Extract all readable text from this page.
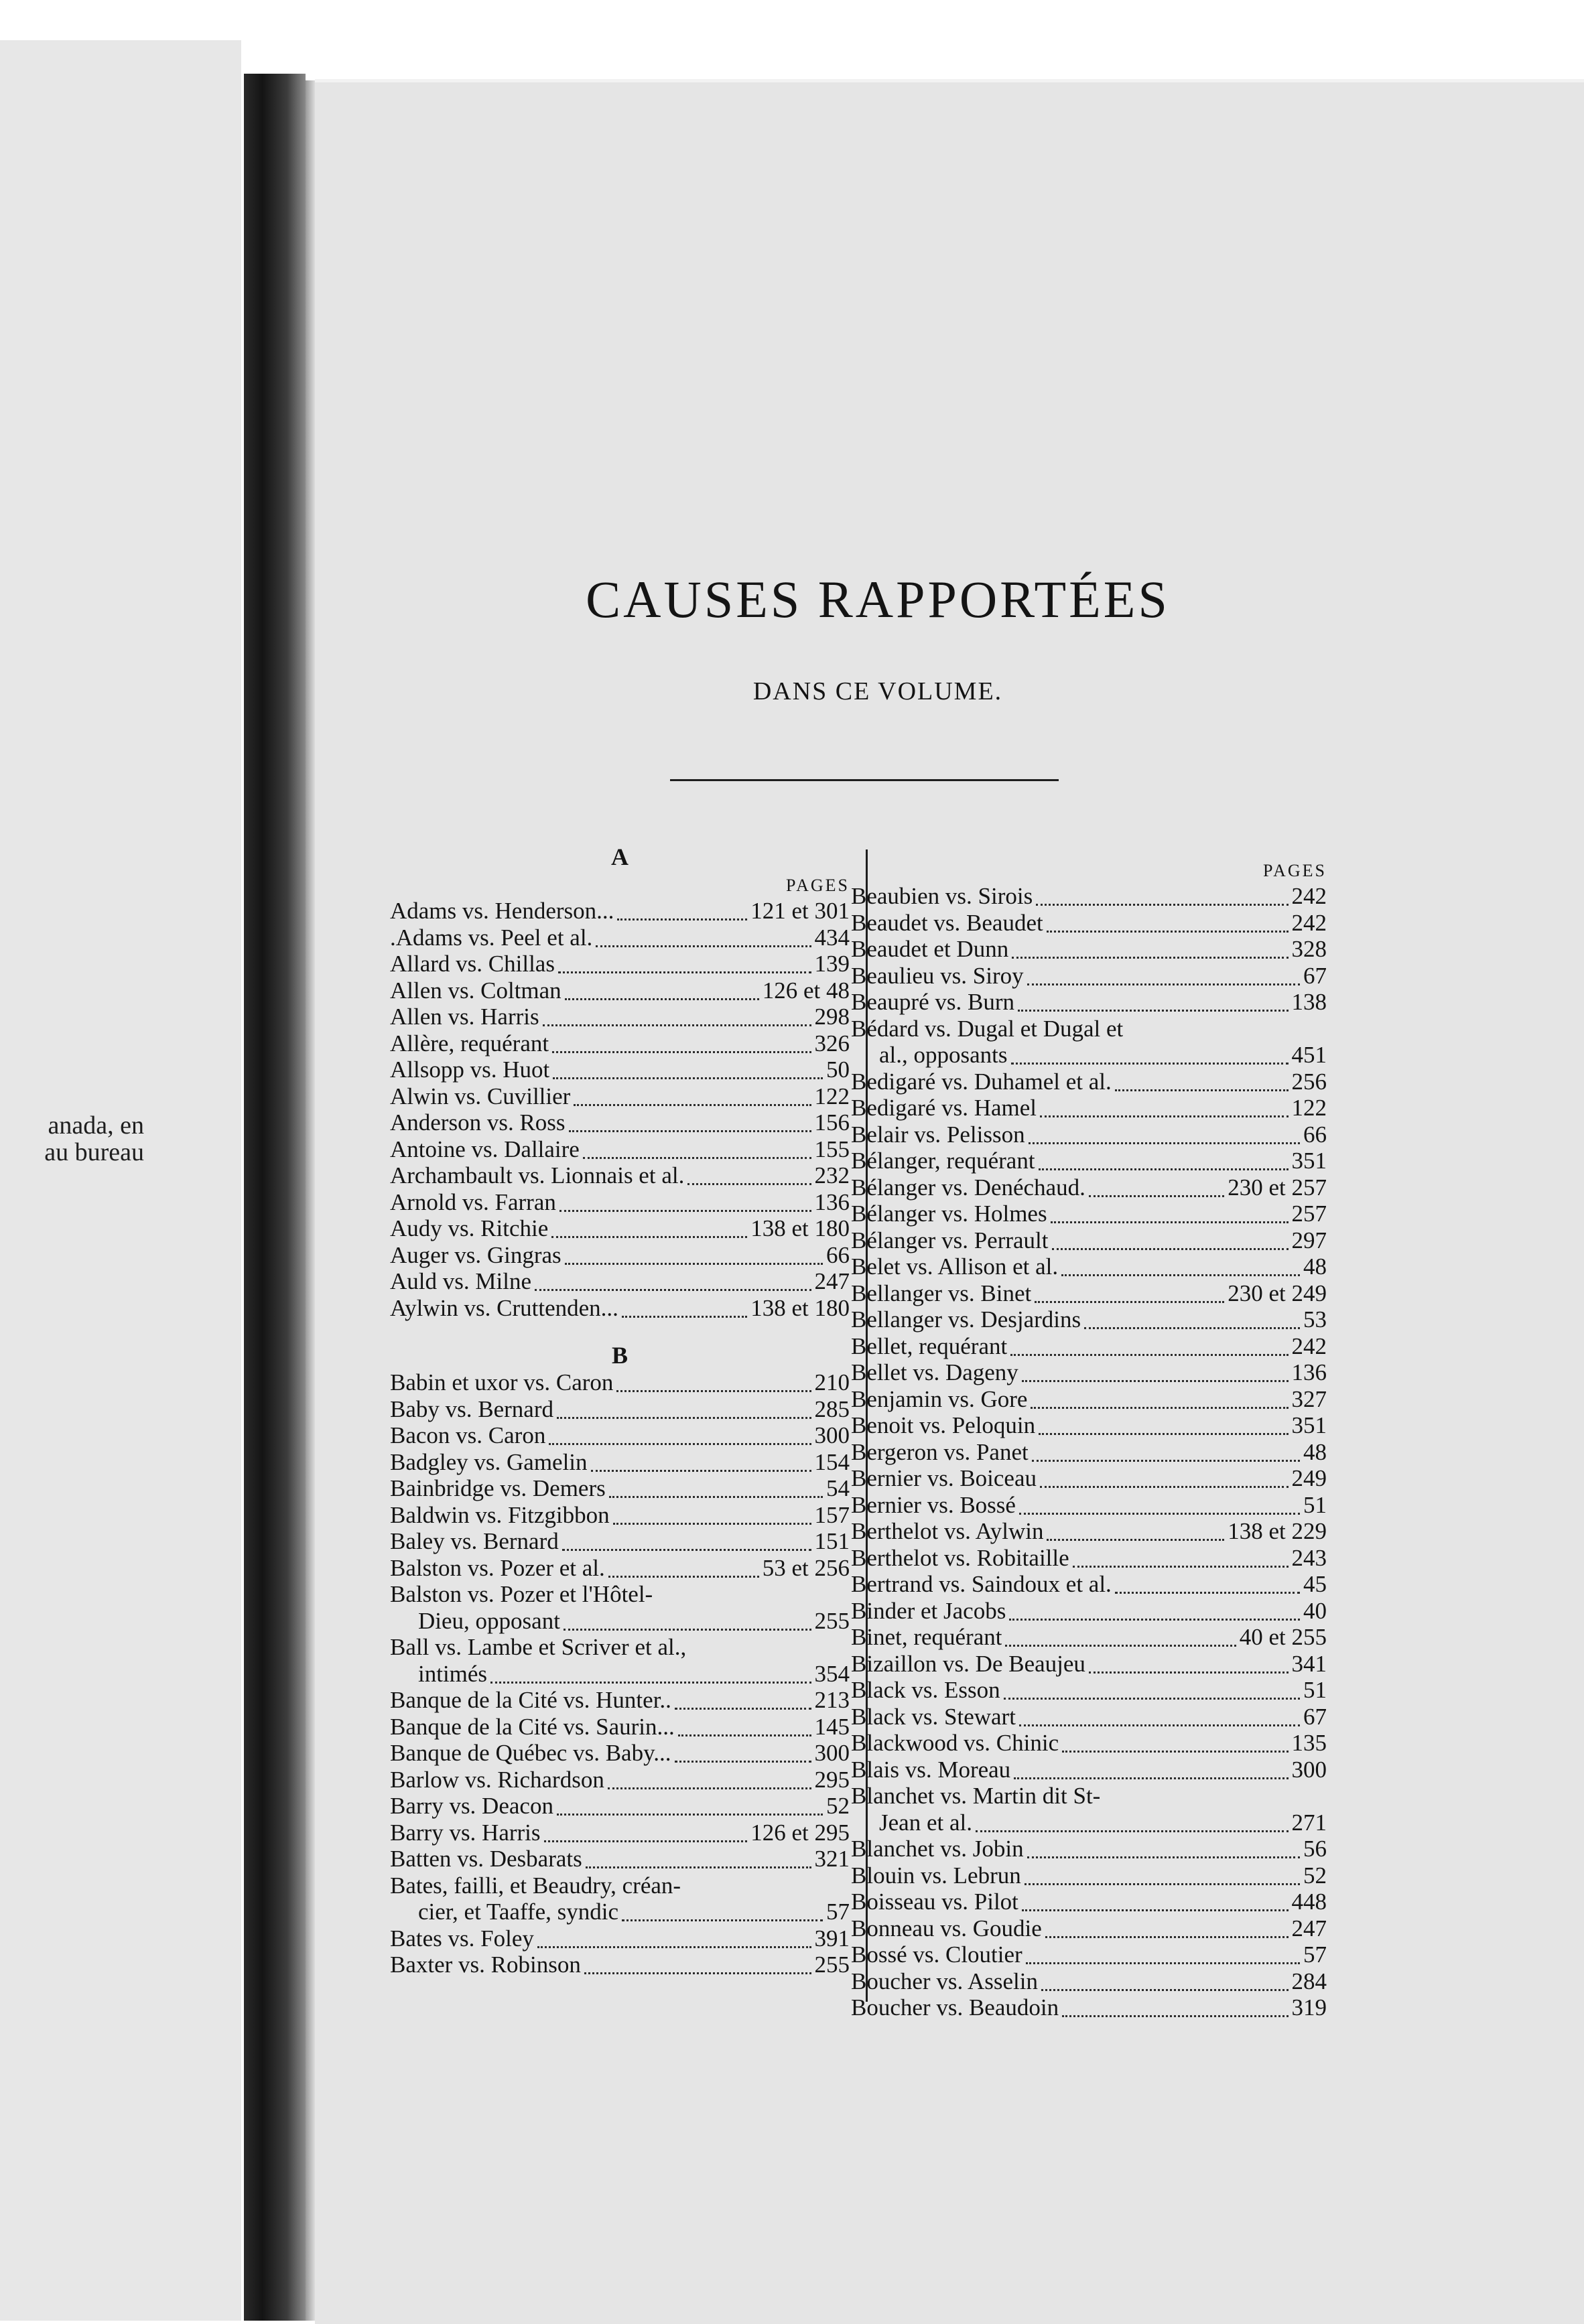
anada, en
au bureau
CAUSES RAPPORTÉES
DANS CE VOLUME.
A
PAGES
Adams vs. Henderson...	121 et 301
.Adams vs. Peel et al.	434
Allard vs. Chillas	139
Allen vs. Coltman	126 et 48
Allen vs. Harris	298
Allère, requérant	326
Allsopp vs. Huot	50
Alwin vs. Cuvillier	122
Anderson vs. Ross	156
Antoine vs. Dallaire	155
Archambault vs. Lionnais et al.	232
Arnold vs. Farran	136
Audy vs. Ritchie	138 et 180
Auger vs. Gingras	66
Auld vs. Milne	247
Aylwin vs. Cruttenden...	138 et 180
B
Babin et uxor vs. Caron	210
Baby vs. Bernard	285
Bacon vs. Caron	300
Badgley vs. Gamelin	154
Bainbridge vs. Demers	54
Baldwin vs. Fitzgibbon	157
Baley vs. Bernard	151
Balston vs. Pozer et al.	53 et 256
Balston vs. Pozer et l'Hôtel-
Dieu, opposant	255
Ball vs. Lambe et Scriver et al.,
intimés	354
Banque de la Cité vs. Hunter..	213
Banque de la Cité vs. Saurin...	145
Banque de Québec vs. Baby...	300
Barlow vs. Richardson	295
Barry vs. Deacon	52
Barry vs. Harris	126 et 295
Batten vs. Desbarats	321
Bates, failli, et Beaudry, créan-
cier, et Taaffe, syndic	57
Bates vs. Foley	391
Baxter vs. Robinson	255
PAGES
Beaubien vs. Sirois	242
Beaudet vs. Beaudet	242
Beaudet et Dunn	328
Beaulieu vs. Siroy	67
Beaupré vs. Burn	138
Bédard vs. Dugal et Dugal et
al., opposants	451
Bedigaré vs. Duhamel et al.	256
Bedigaré vs. Hamel	122
Belair vs. Pelisson	66
Bélanger, requérant	351
Bélanger vs. Denéchaud.	230 et 257
Bélanger vs. Holmes	257
Bélanger vs. Perrault	297
Belet vs. Allison et al.	48
Bellanger vs. Binet	230 et 249
Bellanger vs. Desjardins	53
Bellet, requérant	242
Bellet vs. Dageny	136
Benjamin vs. Gore	327
Benoit vs. Peloquin	351
Bergeron vs. Panet	48
Bernier vs. Boiceau	249
Bernier vs. Bossé	51
Berthelot vs. Aylwin	138 et 229
Berthelot vs. Robitaille	243
Bertrand vs. Saindoux et al.	45
Binder et Jacobs	40
Binet, requérant	40 et 255
Bizaillon vs. De Beaujeu	341
Black vs. Esson	51
Black vs. Stewart	67
Blackwood vs. Chinic	135
Blais vs. Moreau	300
Blanchet vs. Martin dit St-
Jean et al.	271
Blanchet vs. Jobin	56
Blouin vs. Lebrun	52
Boisseau vs. Pilot	448
Bonneau vs. Goudie	247
Bossé vs. Cloutier	57
Boucher vs. Asselin	284
Boucher vs. Beaudoin	319
